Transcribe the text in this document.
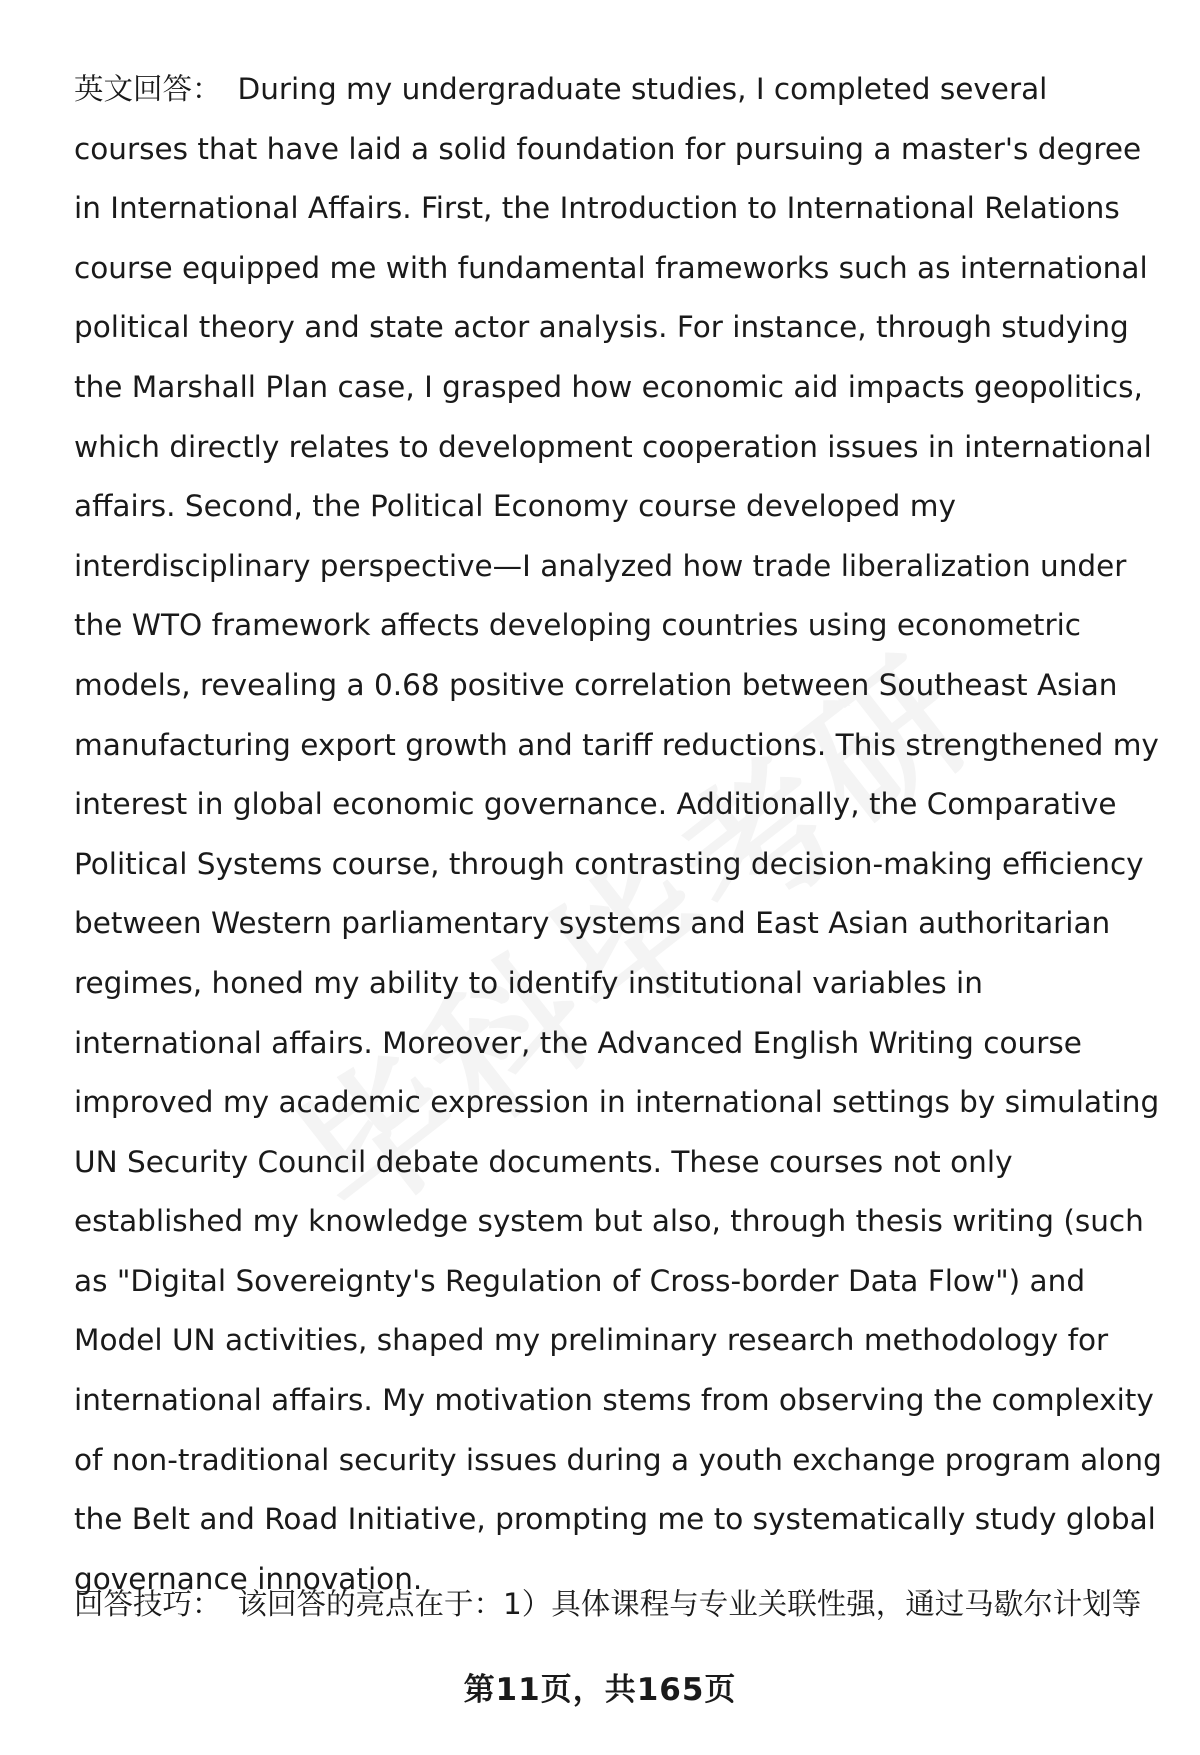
英文回答： During my undergraduate studies, I completed several courses that have laid a solid foundation for pursuing a master's degree in International Affairs. First, the Introduction to International Relations course equipped me with fundamental frameworks such as international political theory and state actor analysis. For instance, through studying the Marshall Plan case, I grasped how economic aid impacts geopolitics, which directly relates to development cooperation issues in international affairs. Second, the Political Economy course developed my interdisciplinary perspective—I analyzed how trade liberalization under the WTO framework affects developing countries using econometric models, revealing a 0.68 positive correlation between Southeast Asian manufacturing export growth and tariff reductions. This strengthened my interest in global economic governance. Additionally, the Comparative Political Systems course, through contrasting decision-making efficiency between Western parliamentary systems and East Asian authoritarian regimes, honed my ability to identify institutional variables in international affairs. Moreover, the Advanced English Writing course improved my academic expression in international settings by simulating UN Security Council debate documents. These courses not only established my knowledge system but also, through thesis writing (such as "Digital Sovereignty's Regulation of Cross-border Data Flow") and Model UN activities, shaped my preliminary research methodology for international affairs. My motivation stems from observing the complexity of non-traditional security issues during a youth exchange program along the Belt and Road Initiative, prompting me to systematically study global governance innovation.

回答技巧： 该回答的亮点在于：1）具体课程与专业关联性强，通过马歇尔计划等

第11页，共165页
